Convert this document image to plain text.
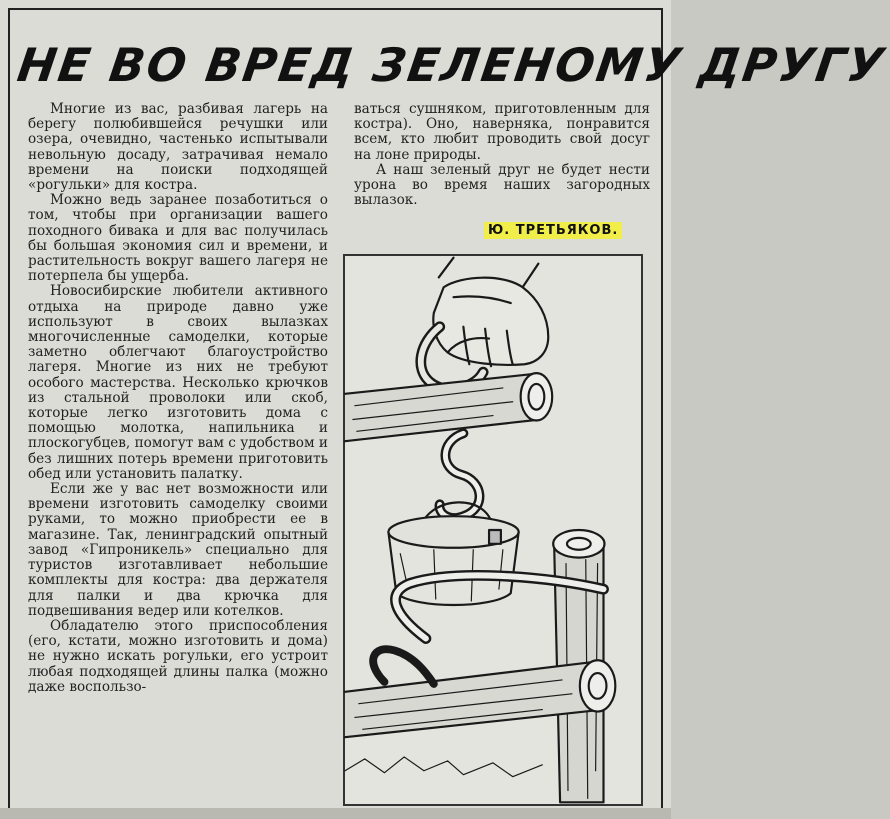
НЕ ВО ВРЕД ЗЕЛЕНОМУ ДРУГУ

Многие из вас, разбивая лагерь на берегу полюбившейся речушки или озера, очевидно, частенько испытывали невольную досаду, затрачивая немало времени на поиски подходящей «рогульки» для костра.

Можно ведь заранее позаботиться о том, чтобы при организации вашего походного бивака и для вас получилась бы большая экономия сил и времени, и растительность вокруг вашего лагеря не потерпела бы ущерба.

Новосибирские любители активного отдыха на природе давно уже используют в своих вылазках многочисленные самоделки, которые заметно облегчают благоустройство лагеря. Многие из них не требуют особого мастерства. Несколько крючков из стальной проволоки или скоб, которые легко изготовить дома с помощью молотка, напильника и плоскогубцев, помогут вам с удобством и без лишних потерь времени приготовить обед или установить палатку.

Если же у вас нет возможности или времени изготовить самоделку своими руками, то можно приобрести ее в магазине. Так, ленинградский опытный завод «Гипроникель» специально для туристов изготавливает небольшие комплекты для костра: два держателя для палки и два крючка для подвешивания ведер или котелков.

Обладателю этого приспособления (его, кстати, можно изготовить и дома) не нужно искать рогульки, его устроит любая подходящей длины палка (можно даже воспользо-

ваться сушняком, приготовленным для костра). Оно, наверняка, понравится всем, кто любит проводить свой досуг на лоне природы.

А наш зеленый друг не будет нести урона во время наших загородных вылазок.

Ю. ТРЕТЬЯКОВ.
